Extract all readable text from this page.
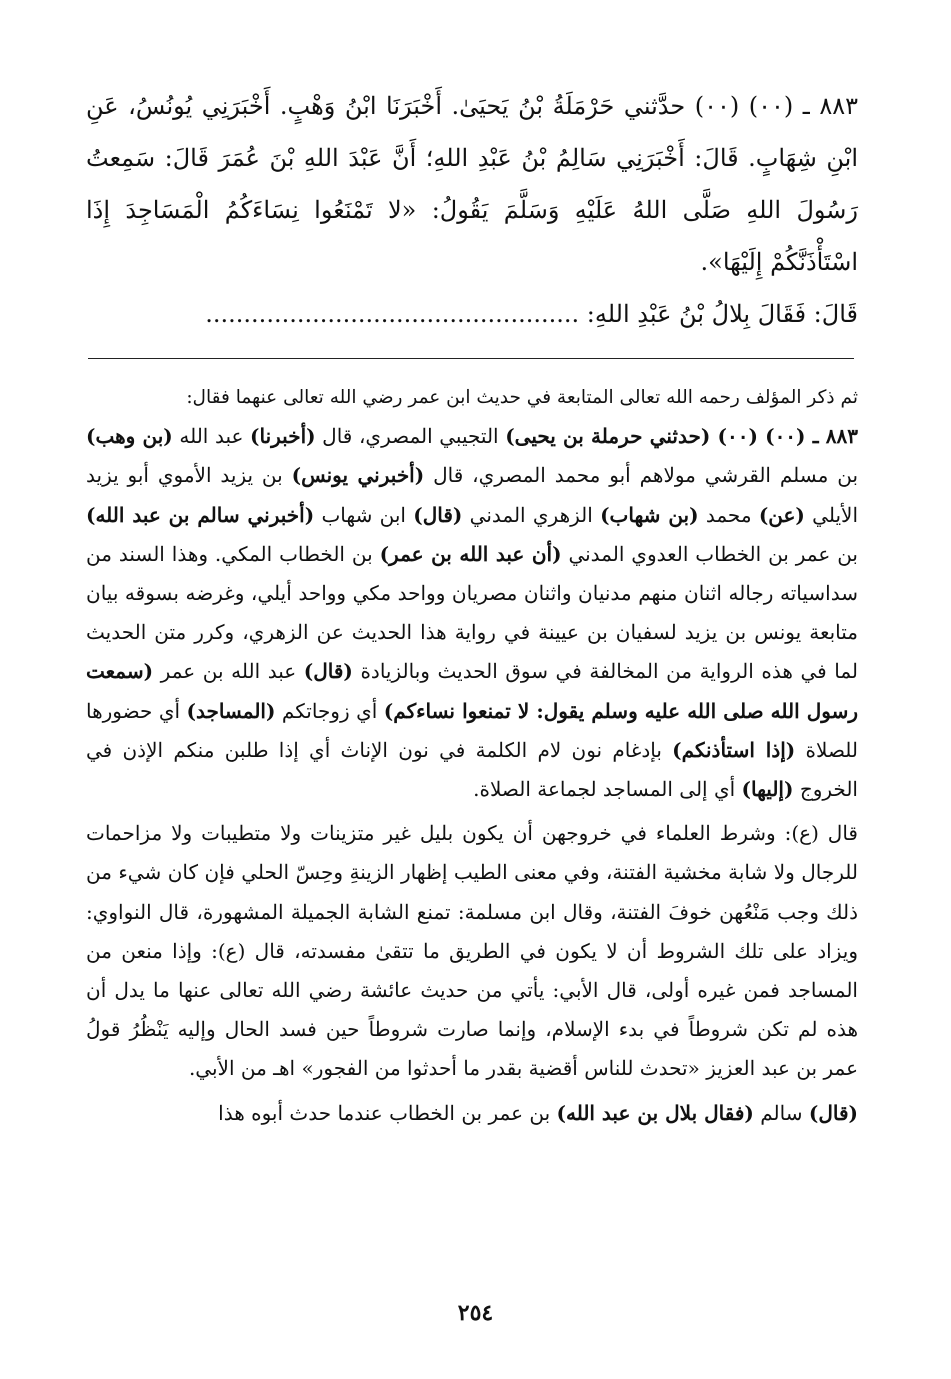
٨٨٣ ـ (٠٠) (٠٠) حدَّثني حَرْمَلَةُ بْنُ يَحيَىٰ. أَخْبَرَنَا ابْنُ وَهْبٍ. أَخْبَرَنِي يُونُسُ، عَنِ ابْنِ شِهَابٍ. قَالَ: أَخْبَرَنِي سَالِمُ بْنُ عَبْدِ اللهِ؛ أَنَّ عَبْدَ اللهِ بْنَ عُمَرَ قَالَ: سَمِعتُ رَسُولَ اللهِ صَلَّى اللهُ عَلَيْهِ وَسَلَّمَ يَقُولُ: «لا تَمْنَعُوا نِسَاءَكُمُ الْمَسَاجِدَ إِذَا اسْتَأْذَنَّكُمْ إِلَيْهَا».

قَالَ: فَقَالَ بِلالُ بْنُ عَبْدِ اللهِ: .................................................

ثم ذكر المؤلف رحمه الله تعالى المتابعة في حديث ابن عمر رضي الله تعالى عنهما فقال:

٨٨٣ ـ (٠٠) (٠٠) (حدثني حرملة بن يحيى) التجيبي المصري، قال (أخبرنا) عبد الله (بن وهب) بن مسلم القرشي مولاهم أبو محمد المصري، قال (أخبرني يونس) بن يزيد الأموي أبو يزيد الأيلي (عن) محمد (بن شهاب) الزهري المدني (قال) ابن شهاب (أخبرني سالم بن عبد الله) بن عمر بن الخطاب العدوي المدني (أن عبد الله بن عمر) بن الخطاب المكي. وهذا السند من سداسياته رجاله اثنان منهم مدنيان واثنان مصريان وواحد مكي وواحد أيلي، وغرضه بسوقه بيان متابعة يونس بن يزيد لسفيان بن عيينة في رواية هذا الحديث عن الزهري، وكرر متن الحديث لما في هذه الرواية من المخالفة في سوق الحديث وبالزيادة (قال) عبد الله بن عمر (سمعت رسول الله صلى الله عليه وسلم يقول: لا تمنعوا نساءكم) أي زوجاتكم (المساجد) أي حضورها للصلاة (إذا استأذنكم) بإدغام نون لام الكلمة في نون الإناث أي إذا طلبن منكم الإذن في الخروج (إليها) أي إلى المساجد لجماعة الصلاة.

قال (ع): وشرط العلماء في خروجهن أن يكون بليل غير متزينات ولا متطيبات ولا مزاحمات للرجال ولا شابة مخشية الفتنة، وفي معنى الطيب إظهار الزينةِ وحِسّ الحلي فإن كان شيء من ذلك وجب مَنْعُهن خوفَ الفتنة، وقال ابن مسلمة: تمنع الشابة الجميلة المشهورة، قال النواوي: ويزاد على تلك الشروط أن لا يكون في الطريق ما تتقىٰ مفسدته، قال (ع): وإذا منعن من المساجد فمن غيره أولى، قال الأبي: يأتي من حديث عائشة رضي الله تعالى عنها ما يدل أن هذه لم تكن شروطاً في بدء الإسلام، وإنما صارت شروطاً حين فسد الحال وإليه يَنْظُرُ قولُ عمر بن عبد العزيز «تحدث للناس أقضية بقدر ما أحدثوا من الفجور» اهـ من الأبي.

(قال) سالم (فقال بلال بن عبد الله) بن عمر بن الخطاب عندما حدث أبوه هذا

٢٥٤
